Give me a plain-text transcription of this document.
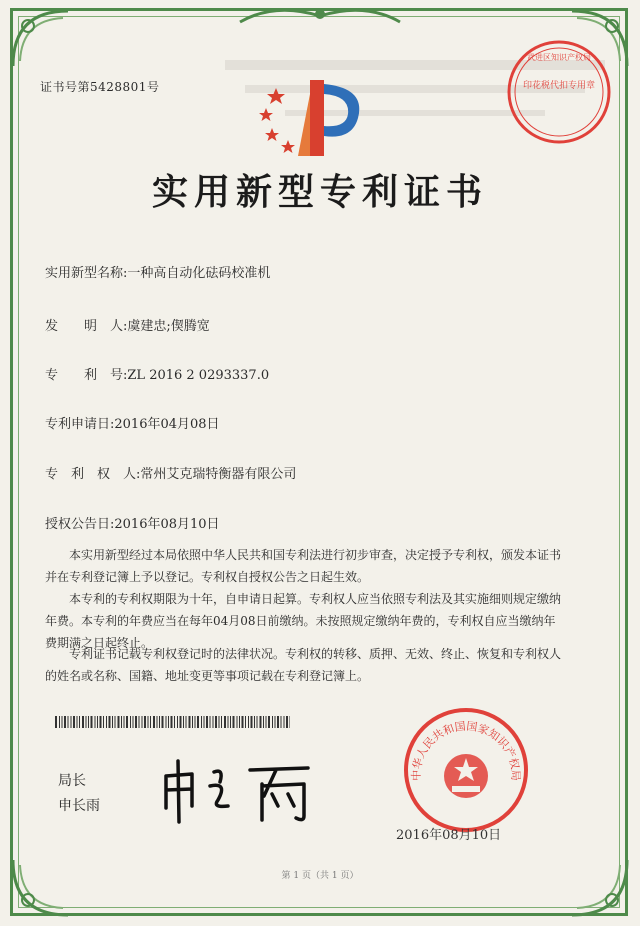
证书号第5428801号
实用新型专利证书
实用新型名称:一种高自动化砝码校准机
发　　明　人:虞建忠;偰腾宽
专　　利　号:ZL 2016 2 0293337.0
专利申请日:2016年04月08日
专　利　权　人:常州艾克瑞特衡器有限公司
授权公告日:2016年08月10日

本实用新型经过本局依照中华人民共和国专利法进行初步审查，决定授予专利权，颁发本证书并在专利登记簿上予以登记。专利权自授权公告之日起生效。

本专利的专利权期限为十年，自申请日起算。专利权人应当依照专利法及其实施细则规定缴纳年费。本专利的年费应当在每年04月08日前缴纳。未按照规定缴纳年费的，专利权自应当缴纳年费期满之日起终止。

专利证书记载专利权登记时的法律状况。专利权的转移、质押、无效、终止、恢复和专利权人的姓名或名称、国籍、地址变更等事项记载在专利登记簿上。

局长
申长雨
印花税代扣专用章
武进区知识产权局
中华人民共和国国家知识产权局
2016年08月10日
第 1 页（共 1 页）
